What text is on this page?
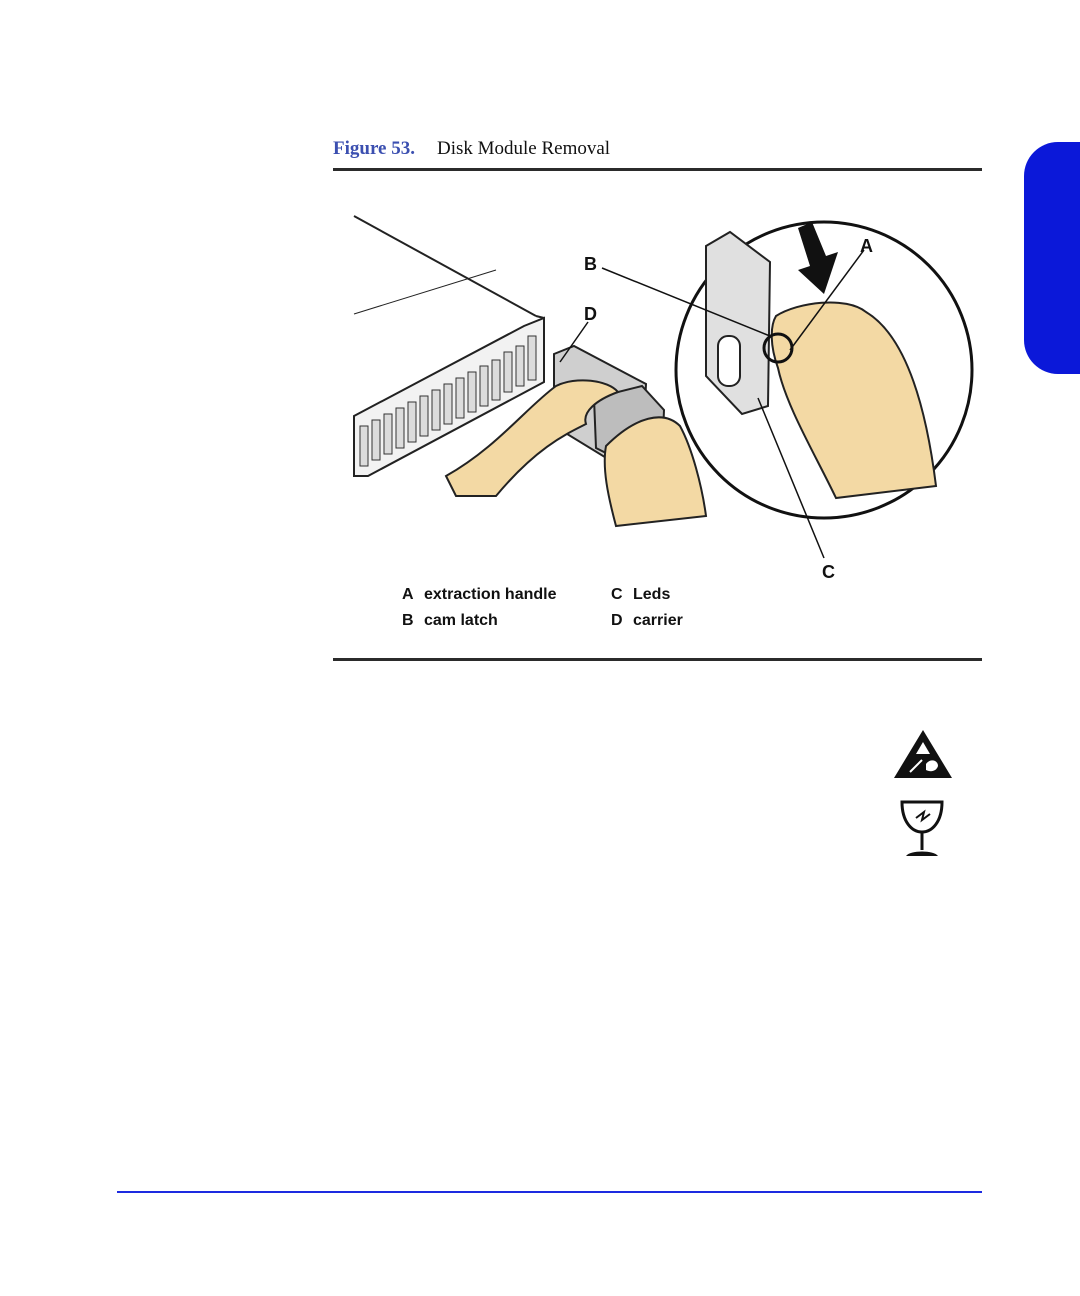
Figure 53. Disk Module Removal
A
B
C
D
A extraction handle
B cam latch
C Leds
D carrier
